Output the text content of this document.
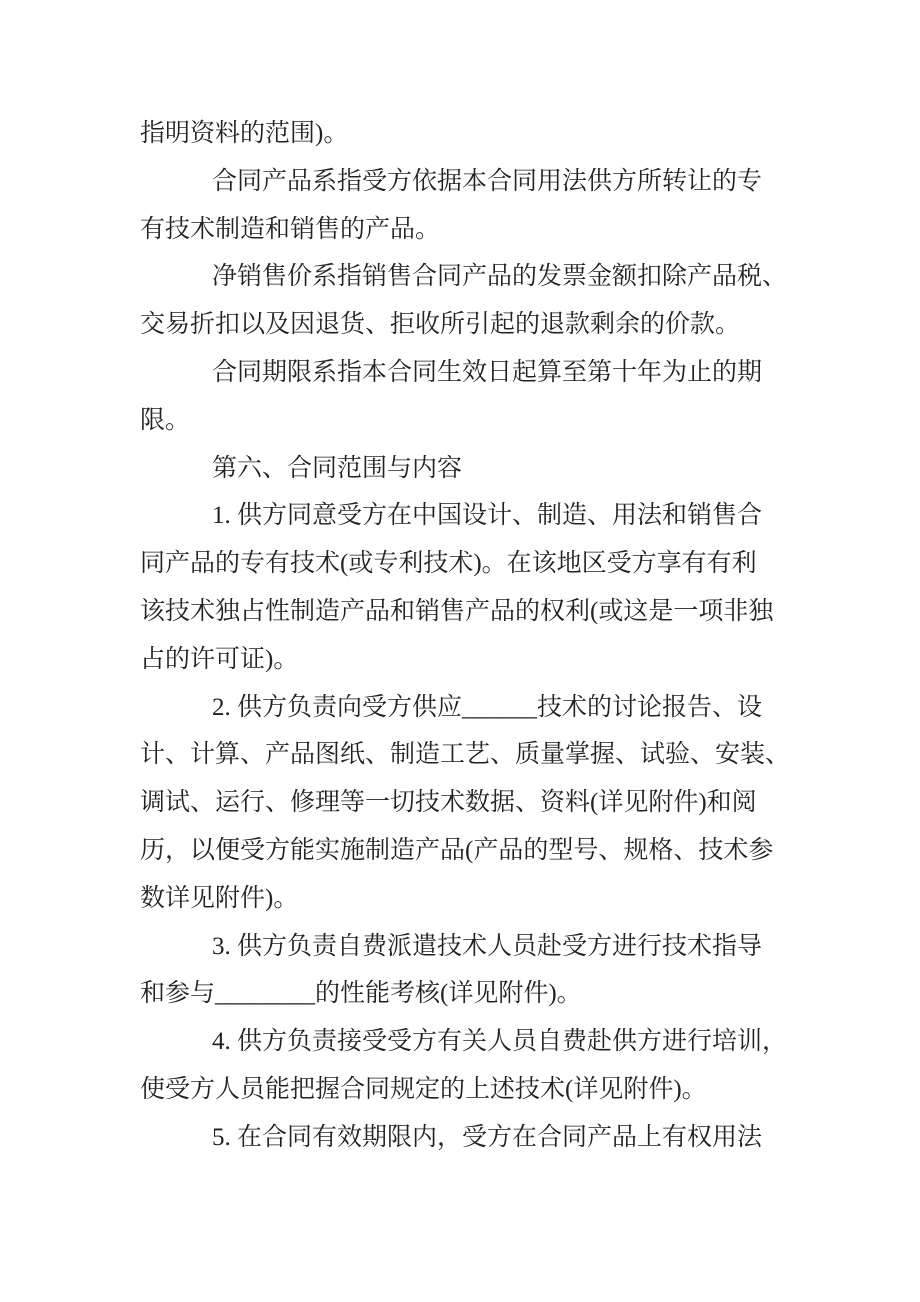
指明资料的范围)。
合同产品系指受方依据本合同用法供方所转让的专
有技术制造和销售的产品。
净销售价系指销售合同产品的发票金额扣除产品税、
交易折扣以及因退货、拒收所引起的退款剩余的价款。
合同期限系指本合同生效日起算至第十年为止的期
限。
第六、合同范围与内容
1. 供方同意受方在中国设计、制造、用法和销售合
同产品的专有技术(或专利技术)。在该地区受方享有有利
该技术独占性制造产品和销售产品的权利(或这是一项非独
占的许可证)。
2. 供方负责向受方供应______技术的讨论报告、设
计、计算、产品图纸、制造工艺、质量掌握、试验、安装、
调试、运行、修理等一切技术数据、资料(详见附件)和阅
历，以便受方能实施制造产品(产品的型号、规格、技术参
数详见附件)。
3. 供方负责自费派遣技术人员赴受方进行技术指导
和参与________的性能考核(详见附件)。
4. 供方负责接受受方有关人员自费赴供方进行培训，
使受方人员能把握合同规定的上述技术(详见附件)。
5. 在合同有效期限内，受方在合同产品上有权用法
